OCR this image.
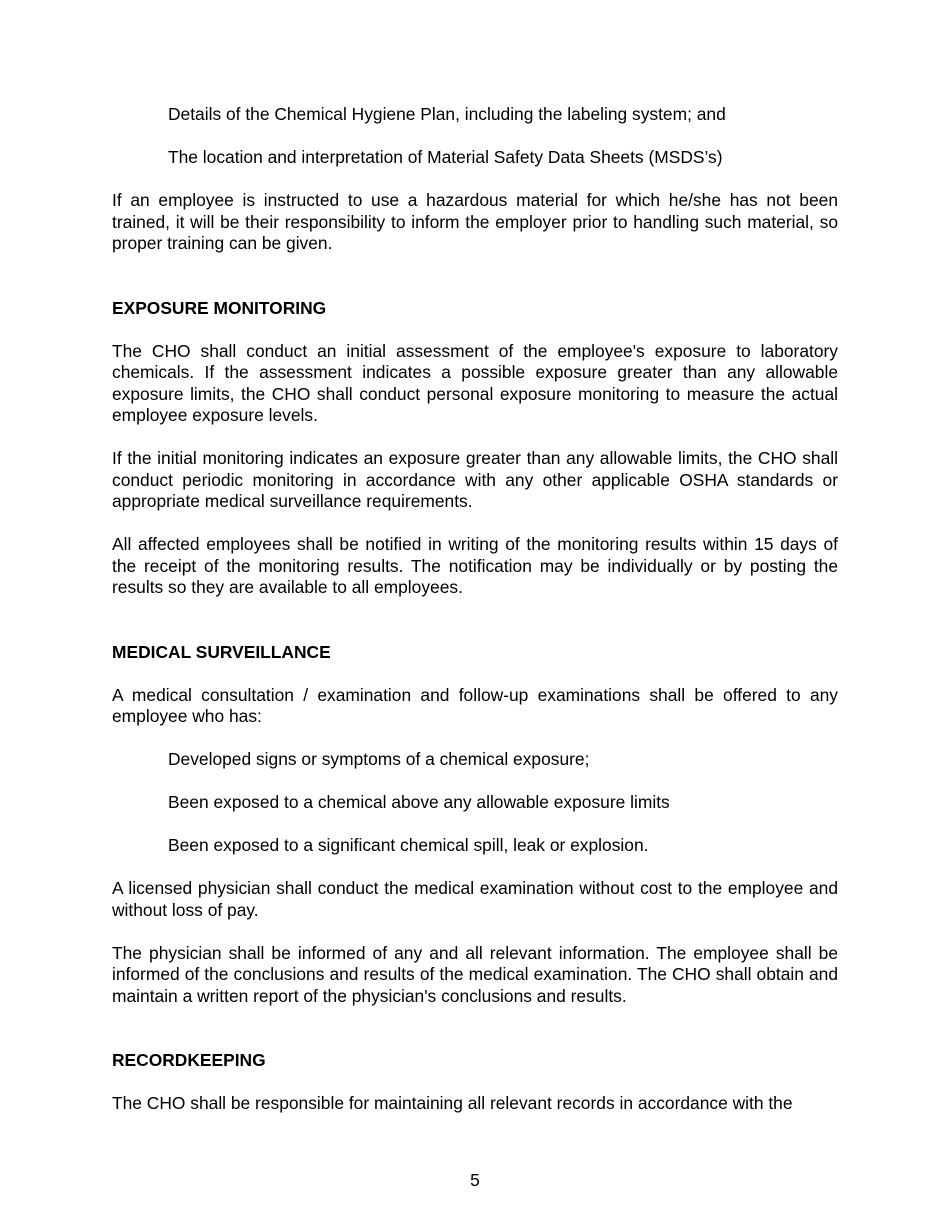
Details of the Chemical Hygiene Plan, including the labeling system; and

The location and interpretation of Material Safety Data Sheets (MSDS’s)

If an employee is instructed to use a hazardous material for which he/she has not been trained, it will be their responsibility to inform the employer prior to handling such material, so proper training can be given.

EXPOSURE MONITORING

The CHO shall conduct an initial assessment of the employee's exposure to laboratory chemicals. If the assessment indicates a possible exposure greater than any allowable exposure limits, the CHO shall conduct personal exposure monitoring to measure the actual employee exposure levels.

If the initial monitoring indicates an exposure greater than any allowable limits, the CHO shall conduct periodic monitoring in accordance with any other applicable OSHA standards or appropriate medical surveillance requirements.

All affected employees shall be notified in writing of the monitoring results within 15 days of the receipt of the monitoring results. The notification may be individually or by posting the results so they are available to all employees.

MEDICAL SURVEILLANCE

A medical consultation / examination and follow-up examinations shall be offered to any employee who has:

Developed signs or symptoms of a chemical exposure;

Been exposed to a chemical above any allowable exposure limits

Been exposed to a significant chemical spill, leak or explosion.

A licensed physician shall conduct the medical examination without cost to the employee and without loss of pay.

The physician shall be informed of any and all relevant information. The employee shall be informed of the conclusions and results of the medical examination. The CHO shall obtain and maintain a written report of the physician's conclusions and results.

RECORDKEEPING

The CHO shall be responsible for maintaining all relevant records in accordance with the

5
